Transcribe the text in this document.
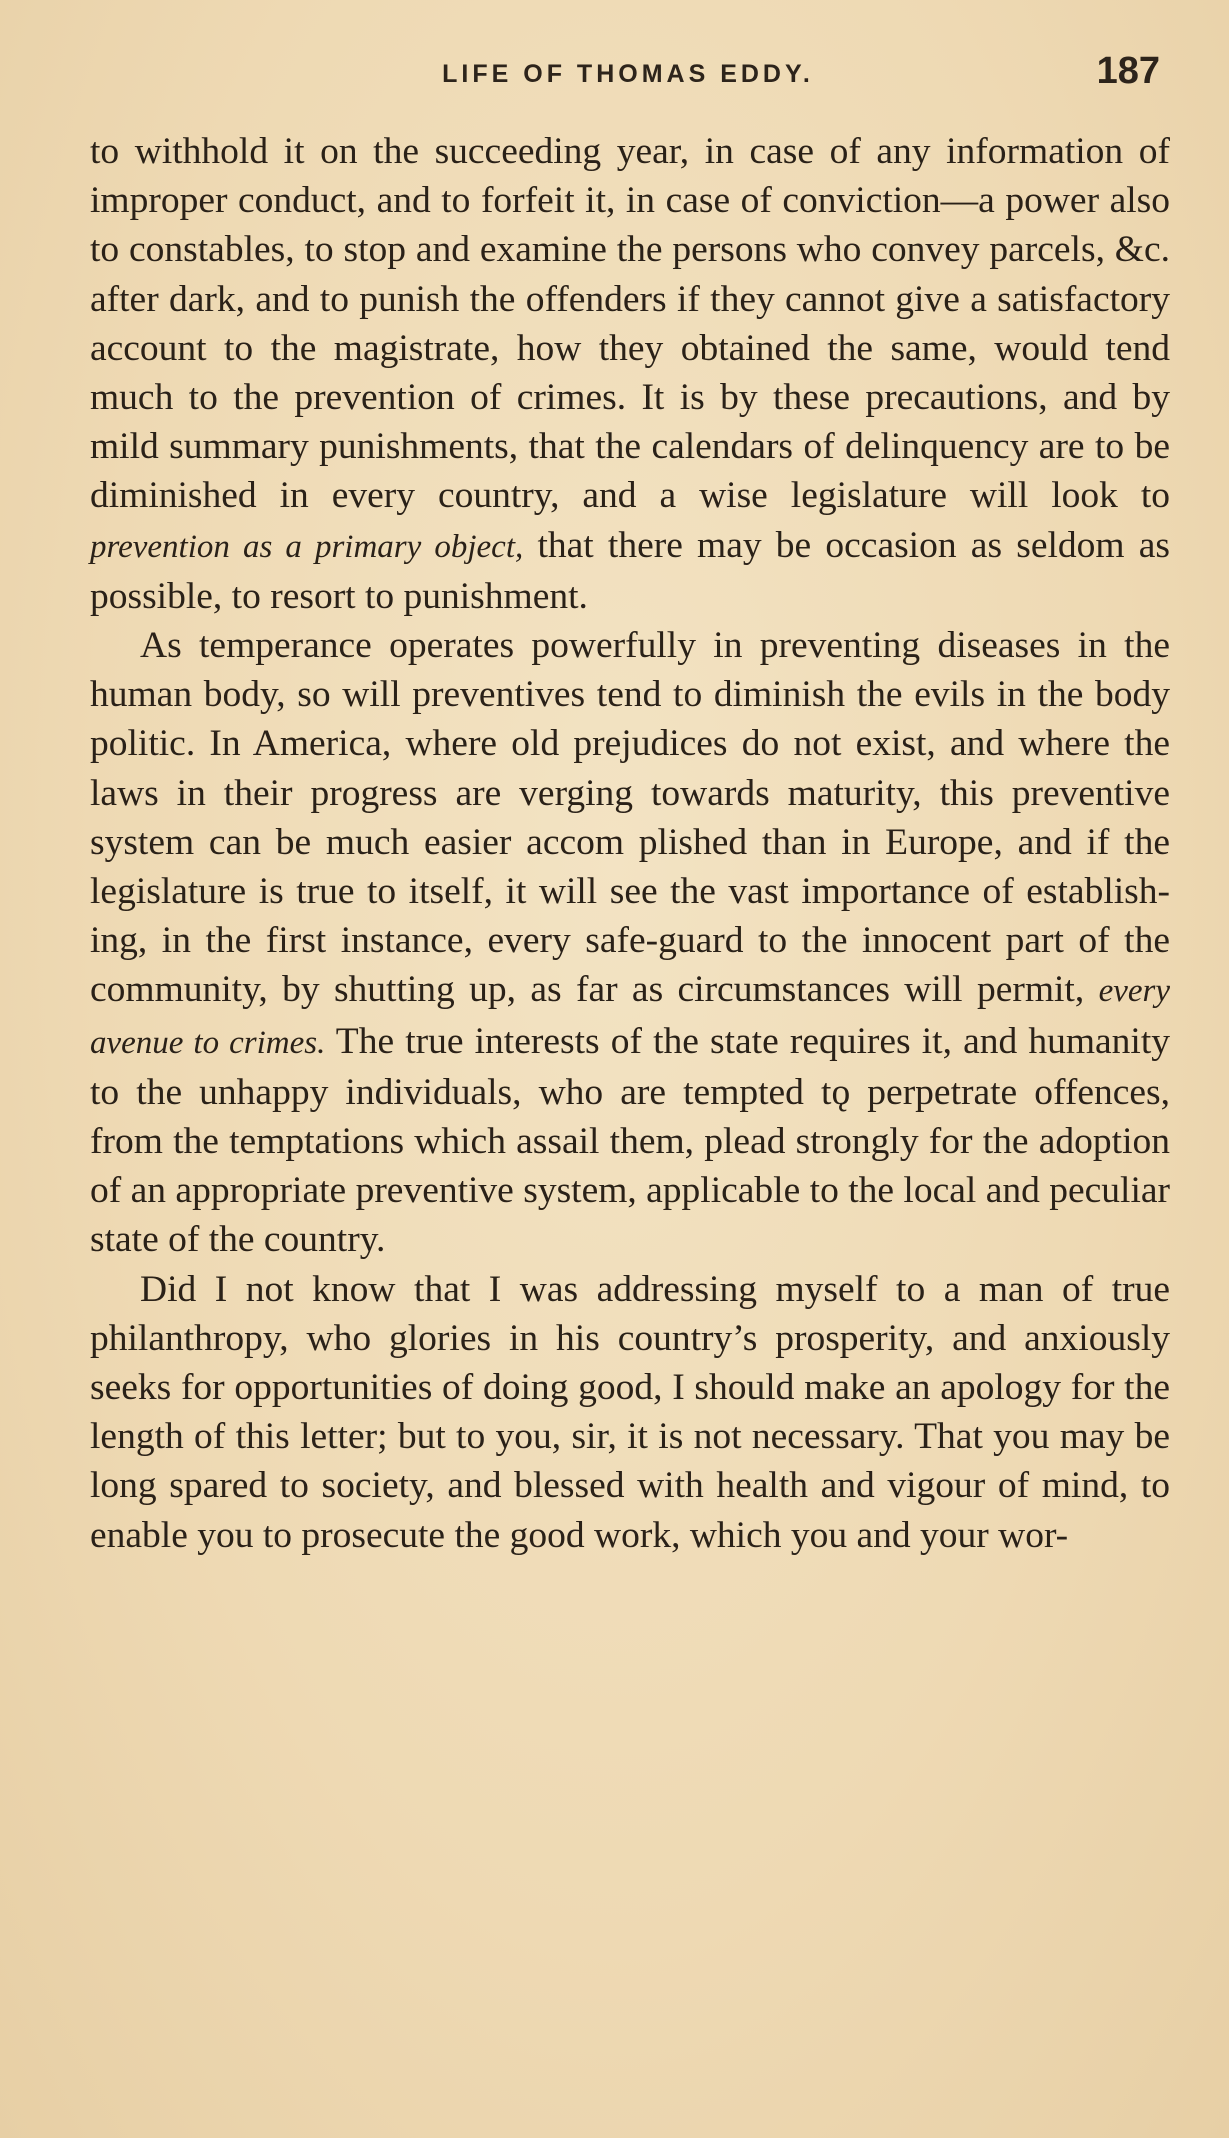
LIFE OF THOMAS EDDY.	187

to withhold it on the succeeding year, in case of any information of improper conduct, and to forfeit it, in case of conviction—a power also to constables, to stop and examine the persons who convey parcels, &c. after dark, and to punish the offenders if they cannot give a satisfactory account to the magistrate, how they obtained the same, would tend much to the prevention of crimes. It is by these precautions, and by mild summary punishments, that the calendars of delinquency are to be diminished in every country, and a wise legislature will look to prevention as a primary object, that there may be occasion as seldom as possible, to resort to punishment.

As temperance operates powerfully in preventing diseases in the human body, so will preventives tend to diminish the evils in the body politic. In America, where old prejudices do not exist, and where the laws in their progress are verging towards maturity, this preventive system can be much easier accom plished than in Europe, and if the legislature is true to itself, it will see the vast importance of establishing, in the first instance, every safe-guard to the innocent part of the community, by shutting up, as far as circumstances will permit, every avenue to crimes. The true interests of the state requires it, and humanity to the unhappy individuals, who are tempted tǫ perpetrate offences, from the temptations which assail them, plead strongly for the adoption of an appropriate preventive system, applicable to the local and peculiar state of the country.

Did I not know that I was addressing myself to a man of true philanthropy, who glories in his country’s prosperity, and anxiously seeks for opportunities of doing good, I should make an apology for the length of this letter; but to you, sir, it is not necessary. That you may be long spared to society, and blessed with health and vigour of mind, to enable you to prosecute the good work, which you and your wor-
